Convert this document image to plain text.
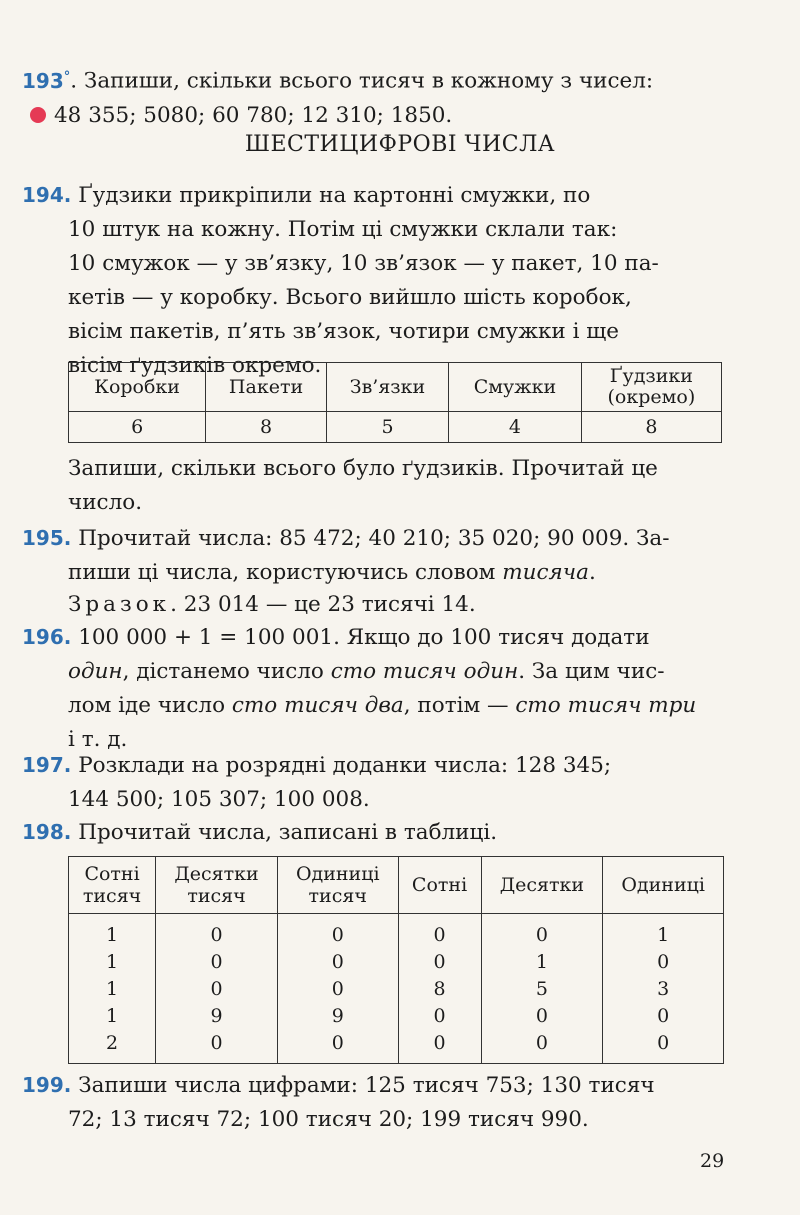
193°. Запиши, скільки всього тисяч в кожному з чисел:
48 355; 5080; 60 780; 12 310; 1850.
ШЕСТИЦИФРОВІ ЧИСЛА
194. Ґудзики прикріпили на картонні смужки, по
10 штук на кожну. Потім ці смужки склали так:
10 смужок — у зв’язку, 10 зв’язок — у пакет, 10 па-
кетів — у коробку. Всього вийшло шість коробок,
вісім пакетів, п’ять зв’язок, чотири смужки і ще
вісім ґудзиків окремо.
Коробки	Пакети	Зв’язки	Смужки	Ґудзики
(окремо)
6	8	5	4	8
Запиши, скільки всього було ґудзиків. Прочитай це
число.
195. Прочитай числа: 85 472; 40 210; 35 020; 90 009. За-
пиши ці числа, користуючись словом тисяча.
Зразок. 23 014 — це 23 тисячі 14.
196. 100 000 + 1 = 100 001. Якщо до 100 тисяч додати
один, дістанемо число сто тисяч один. За цим чис-
лом іде число сто тисяч два, потім — сто тисяч три
і т. д.
197. Розклади на розрядні доданки числа: 128 345;
144 500; 105 307; 100 008.
198. Прочитай числа, записані в таблиці.
Сотні
тисяч	Десятки
тисяч	Одиниці
тисяч	Сотні	Десятки	Одиниці
1	0	0	0	0	1
1	0	0	0	1	0
1	0	0	8	5	3
1	9	9	0	0	0
2	0	0	0	0	0
199. Запиши числа цифрами: 125 тисяч 753; 130 тисяч
72; 13 тисяч 72; 100 тисяч 20; 199 тисяч 990.
29
